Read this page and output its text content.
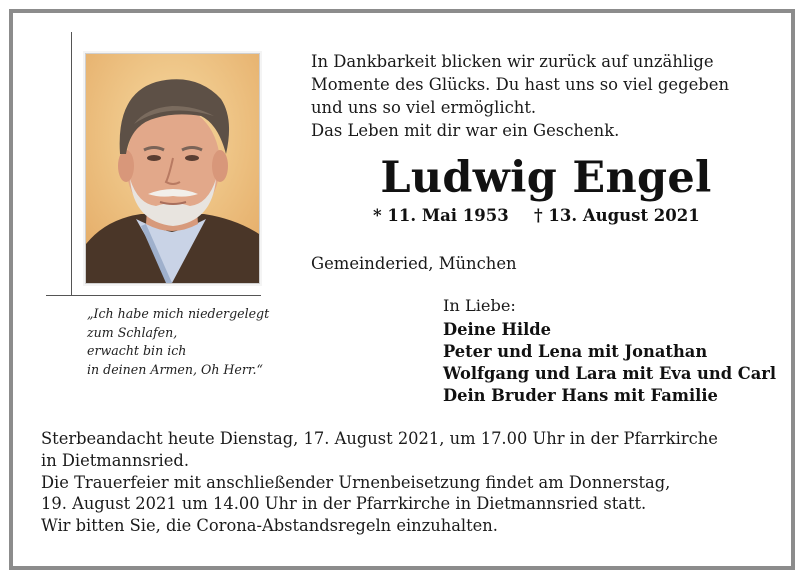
„Ich habe mich niedergelegt
zum Schlafen,
erwacht bin ich
in deinen Armen, Oh Herr.“
In Dankbarkeit blicken wir zurück auf unzählige
Momente des Glücks. Du hast uns so viel gegeben
und uns so viel ermöglicht.
Das Leben mit dir war ein Geschenk.
Ludwig Engel
* 11. Mai 1953 † 13. August 2021
Gemeinderied, München
In Liebe:
Deine Hilde
Peter und Lena mit Jonathan
Wolfgang und Lara mit Eva und Carl
Dein Bruder Hans mit Familie
Sterbeandacht heute Dienstag, 17. August 2021, um 17.00 Uhr in der Pfarrkirche
in Dietmannsried.
Die Trauerfeier mit anschließender Urnenbeisetzung findet am Donnerstag,
19. August 2021 um 14.00 Uhr in der Pfarrkirche in Dietmannsried statt.
Wir bitten Sie, die Corona-Abstandsregeln einzuhalten.
